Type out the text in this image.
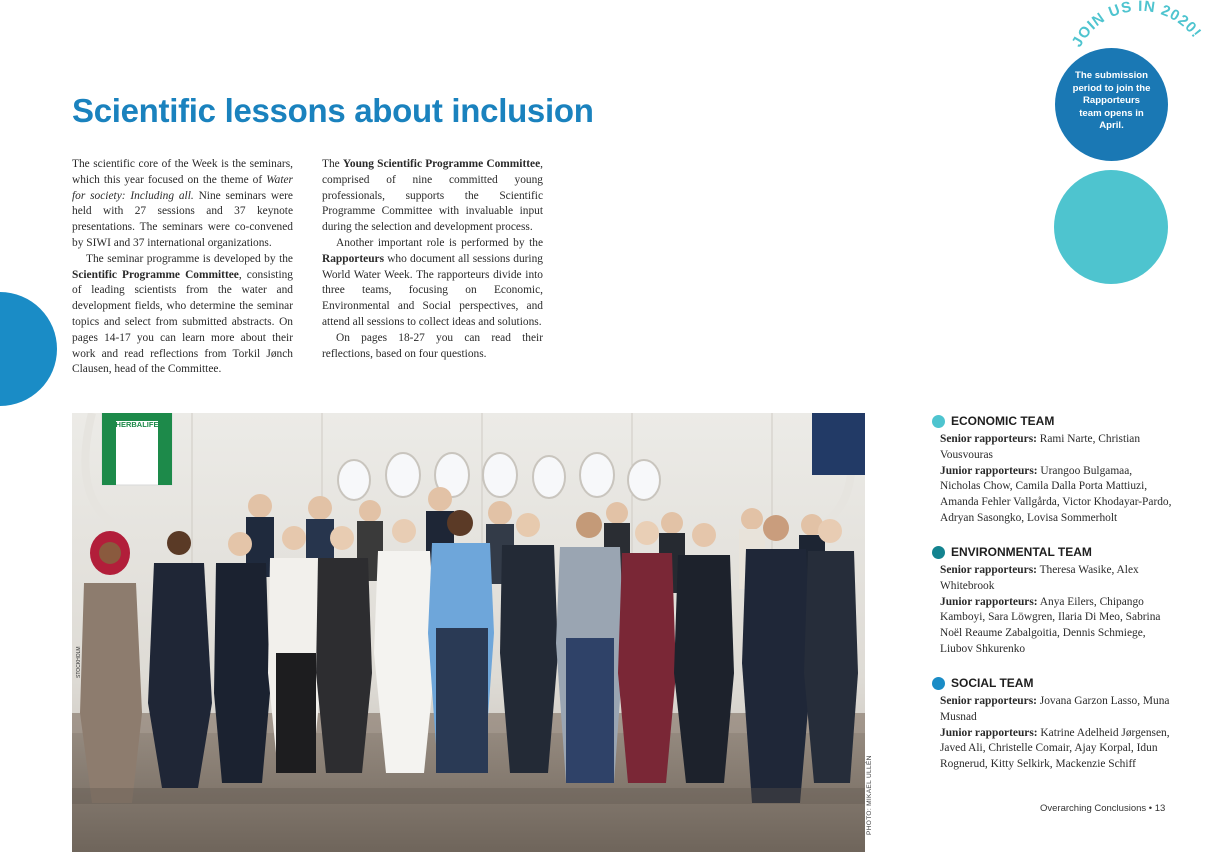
Scientific lessons about inclusion

The scientific core of the Week is the seminars, which this year focused on the theme of Water for society: Including all. Nine seminars were held with 27 sessions and 37 keynote presentations. The seminars were co-convened by SIWI and 37 international organizations.

The seminar programme is developed by the Scientific Programme Committee, consisting of leading scientists from the water and development fields, who determine the seminar topics and select from submitted abstracts. On pages 14-17 you can learn more about their work and read reflections from Torkil Jønch Clausen, head of the Committee.

The Young Scientific Programme Committee, comprised of nine committed young professionals, supports the Scientific Programme Committee with invaluable input during the selection and development process.

Another important role is performed by the Rapporteurs who document all sessions during World Water Week. The rapporteurs divide into three teams, focusing on Economic, Environmental and Social perspectives, and attend all sessions to collect ideas and solutions.

On pages 18-27 you can read their reflections, based on four questions.

JOIN US IN 2020!
The submission period to join the Rapporteurs team opens in April.
HERBALIFE
STOCKHOLM
PHOTO: MIKAEL ULLÉN
ECONOMIC TEAM

Senior rapporteurs: Rami Narte, Christian Vousvouras

Junior rapporteurs: Urangoo Bulgamaa, Nicholas Chow, Camila Dalla Porta Mattiuzi, Amanda Fehler Vallgårda, Victor Khodayar-Pardo, Adryan Sasongko, Lovisa Sommerholt

ENVIRONMENTAL TEAM

Senior rapporteurs: Theresa Wasike, Alex Whitebrook

Junior rapporteurs: Anya Eilers, Chipango Kamboyi, Sara Löwgren, Ilaria Di Meo, Sabrina Noël Reaume Zabalgoitia, Dennis Schmiege, Liubov Shkurenko

SOCIAL TEAM

Senior rapporteurs: Jovana Garzon Lasso, Muna Musnad

Junior rapporteurs: Katrine Adelheid Jørgensen, Javed Ali, Christelle Comair, Ajay Korpal, Idun Rognerud, Kitty Selkirk, Mackenzie Schiff

Overarching Conclusions • 13
